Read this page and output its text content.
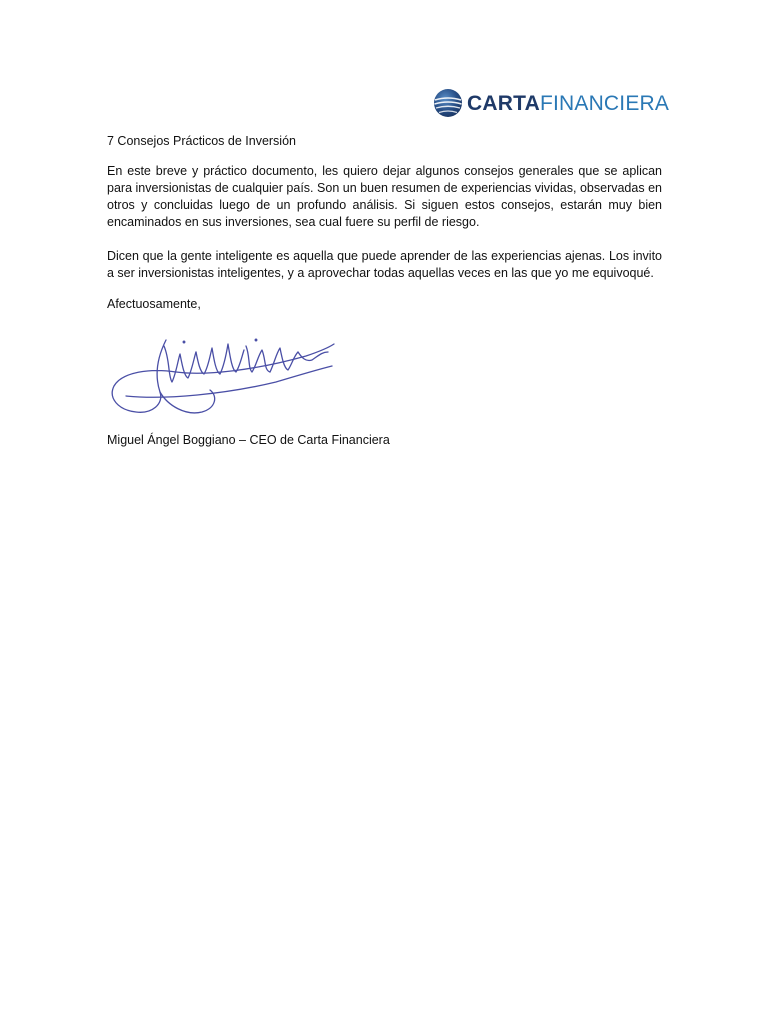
CARTAFINANCIERA
7 Consejos Prácticos de Inversión

En este breve y práctico documento, les quiero dejar algunos consejos generales que se aplican para inversionistas de cualquier país. Son un buen resumen de experiencias vividas, observadas en otros y concluidas luego de un profundo análisis. Si siguen estos consejos, estarán muy bien encaminados en sus inversiones, sea cual fuere su perfil de riesgo.

Dicen que la gente inteligente es aquella que puede aprender de las experiencias ajenas. Los invito a ser inversionistas inteligentes, y a aprovechar todas aquellas veces en las que yo me equivoqué.

Afectuosamente,
Miguel Ángel Boggiano – CEO de Carta Financiera
